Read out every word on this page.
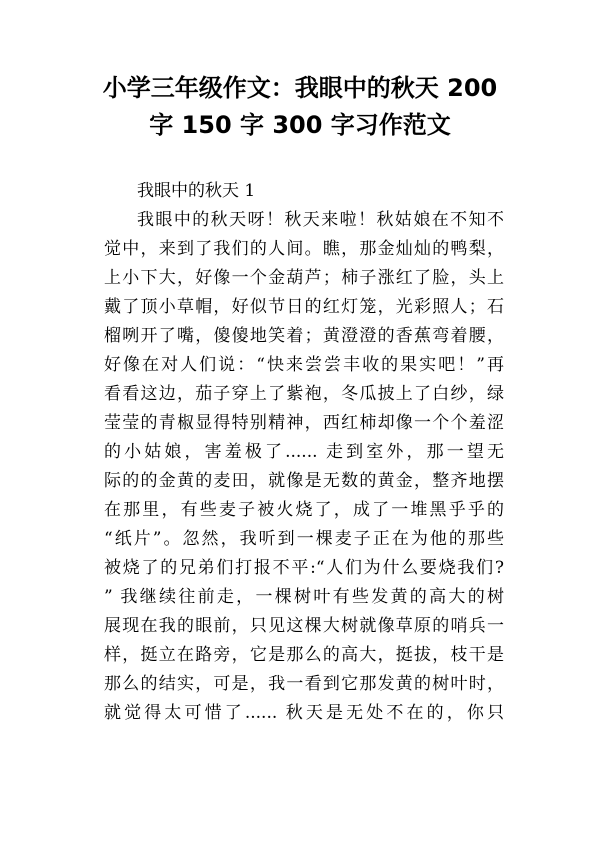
小学三年级作文：我眼中的秋天 200
字 150 字 300 字习作范文

我眼中的秋天 1

我眼中的秋天呀！秋天来啦！秋姑娘在不知不
觉中，来到了我们的人间。瞧，那金灿灿的鸭梨，
上小下大，好像一个金葫芦；柿子涨红了脸，头上
戴了顶小草帽，好似节日的红灯笼，光彩照人；石
榴咧开了嘴，傻傻地笑着；黄澄澄的香蕉弯着腰，
好像在对人们说：“快来尝尝丰收的果实吧！”再
看看这边，茄子穿上了紫袍，冬瓜披上了白纱，绿
莹莹的青椒显得特别精神，西红柿却像一个个羞涩
的小姑娘，害羞极了...... 走到室外，那一望无
际的的金黄的麦田，就像是无数的黄金，整齐地摆
在那里，有些麦子被火烧了，成了一堆黑乎乎的
“纸片”。忽然，我听到一棵麦子正在为他的那些
被烧了的兄弟们打报不平:“人们为什么要烧我们?
” 我继续往前走，一棵树叶有些发黄的高大的树
展现在我的眼前，只见这棵大树就像草原的哨兵一
样，挺立在路旁，它是那么的高大，挺拔，枝干是
那么的结实，可是，我一看到它那发黄的树叶时，
就觉得太可惜了...... 秋天是无处不在的，你只
